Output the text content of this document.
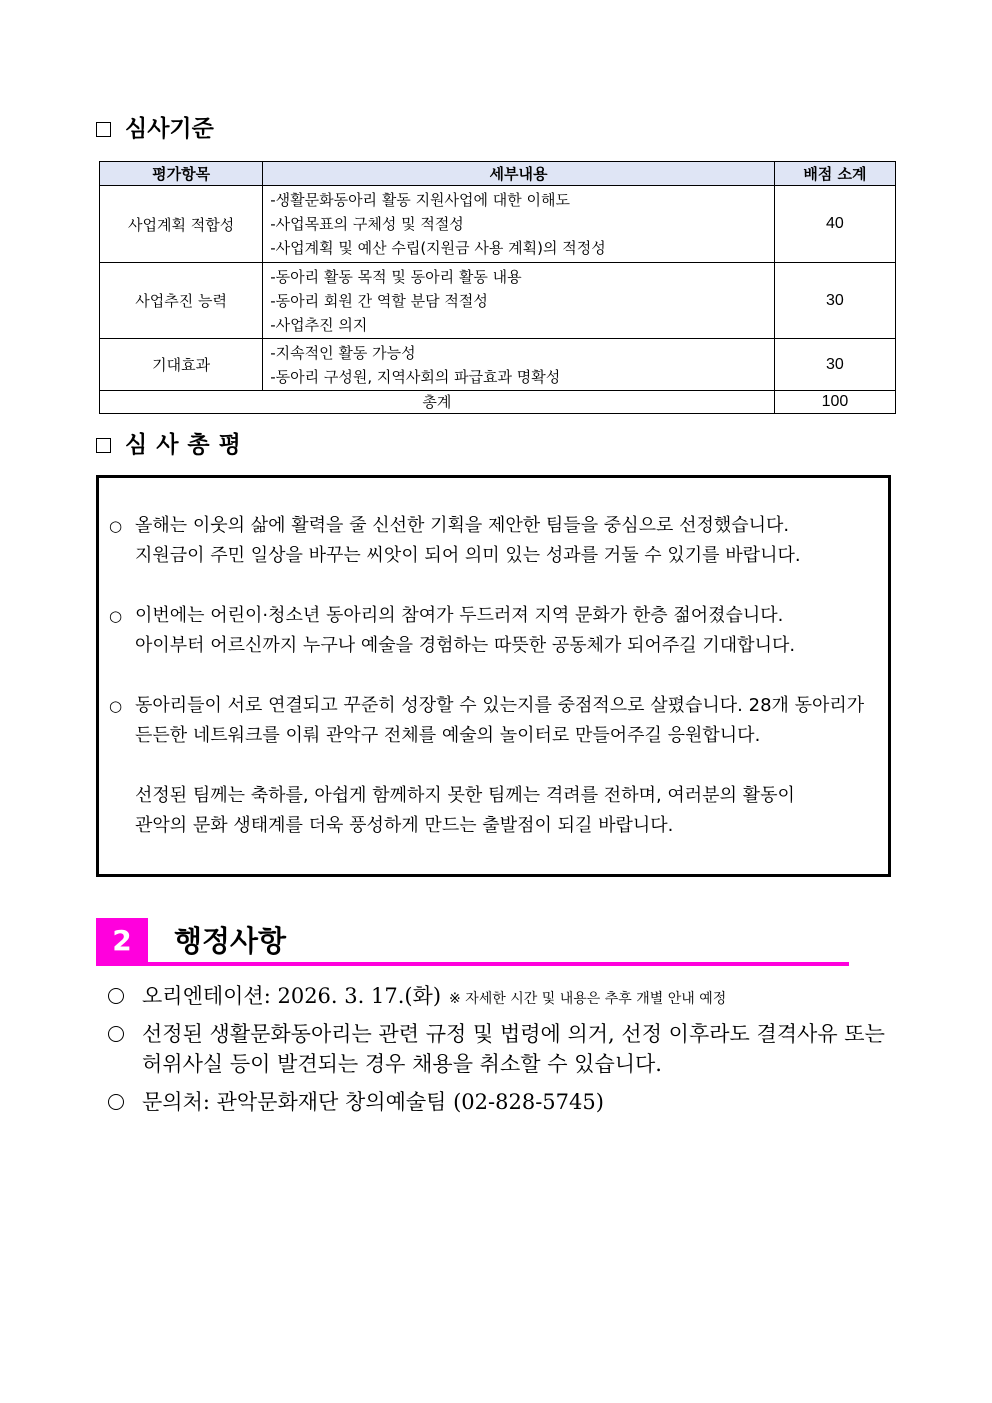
심사기준
평가항목	세부내용	배점 소계
사업계획 적합성	-생활문화동아리 활동 지원사업에 대한 이해도
-사업목표의 구체성 및 적절성
-사업계획 및 예산 수립(지원금 사용 계획)의 적정성	40
사업추진 능력	-동아리 활동 목적 및 동아리 활동 내용
-동아리 회원 간 역할 분담 적절성
-사업추진 의지	30
기대효과	-지속적인 활동 가능성
-동아리 구성원, 지역사회의 파급효과 명확성	30
총계		100
심사총평
○ 올해는 이웃의 삶에 활력을 줄 신선한 기획을 제안한 팀들을 중심으로 선정했습니다.
지원금이 주민 일상을 바꾸는 씨앗이 되어 의미 있는 성과를 거둘 수 있기를 바랍니다.
○ 이번에는 어린이·청소년 동아리의 참여가 두드러져 지역 문화가 한층 젊어졌습니다.
아이부터 어르신까지 누구나 예술을 경험하는 따뜻한 공동체가 되어주길 기대합니다.
○ 동아리들이 서로 연결되고 꾸준히 성장할 수 있는지를 중점적으로 살폈습니다. 28개 동아리가
든든한 네트워크를 이뤄 관악구 전체를 예술의 놀이터로 만들어주길 응원합니다.
선정된 팀께는 축하를, 아쉽게 함께하지 못한 팀께는 격려를 전하며, 여러분의 활동이
관악의 문화 생태계를 더욱 풍성하게 만드는 출발점이 되길 바랍니다.
2	행정사항
오리엔테이션: 2026. 3. 17.(화) ※ 자세한 시간 및 내용은 추후 개별 안내 예정
선정된 생활문화동아리는 관련 규정 및 법령에 의거, 선정 이후라도 결격사유 또는
허위사실 등이 발견되는 경우 채용을 취소할 수 있습니다.
문의처: 관악문화재단 창의예술팀 (02-828-5745)
